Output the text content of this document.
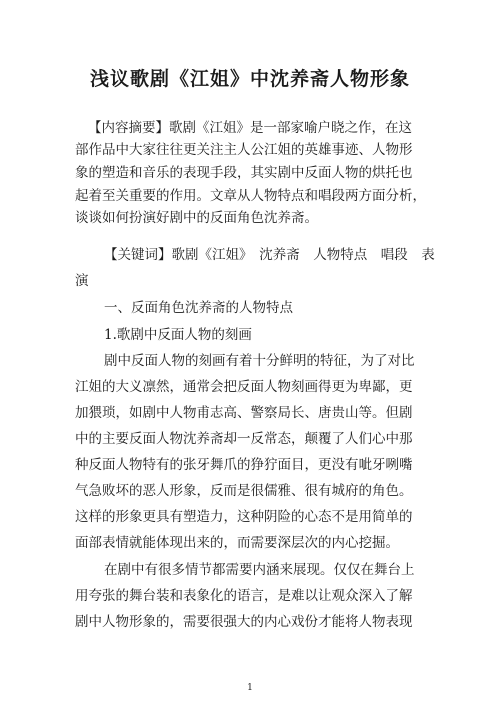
浅议歌剧《江姐》中沈养斋人物形象

【内容摘要】歌剧《江姐》是一部家喻户晓之作，在这

部作品中大家往往更关注主人公江姐的英雄事迹、人物形

象的塑造和音乐的表现手段，其实剧中反面人物的烘托也

起着至关重要的作用。文章从人物特点和唱段两方面分析，

谈谈如何扮演好剧中的反面角色沈养斋。

【关键词】歌剧《江姐》　沈养斋　人物特点　唱段　表

演

一、反面角色沈养斋的人物特点

1.歌剧中反面人物的刻画

剧中反面人物的刻画有着十分鲜明的特征，为了对比

江姐的大义凛然，通常会把反面人物刻画得更为卑鄙，更

加猥琐，如剧中人物甫志高、警察局长、唐贵山等。但剧

中的主要反面人物沈养斋却一反常态，颠覆了人们心中那

种反面人物特有的张牙舞爪的狰狞面目，更没有呲牙咧嘴

气急败坏的恶人形象，反而是很儒雅、很有城府的角色。

这样的形象更具有塑造力，这种阴险的心态不是用简单的

面部表情就能体现出来的，而需要深层次的内心挖掘。

在剧中有很多情节都需要内涵来展现。仅仅在舞台上

用夸张的舞台装和表象化的语言，是难以让观众深入了解

剧中人物形象的，需要很强大的内心戏份才能将人物表现

1
